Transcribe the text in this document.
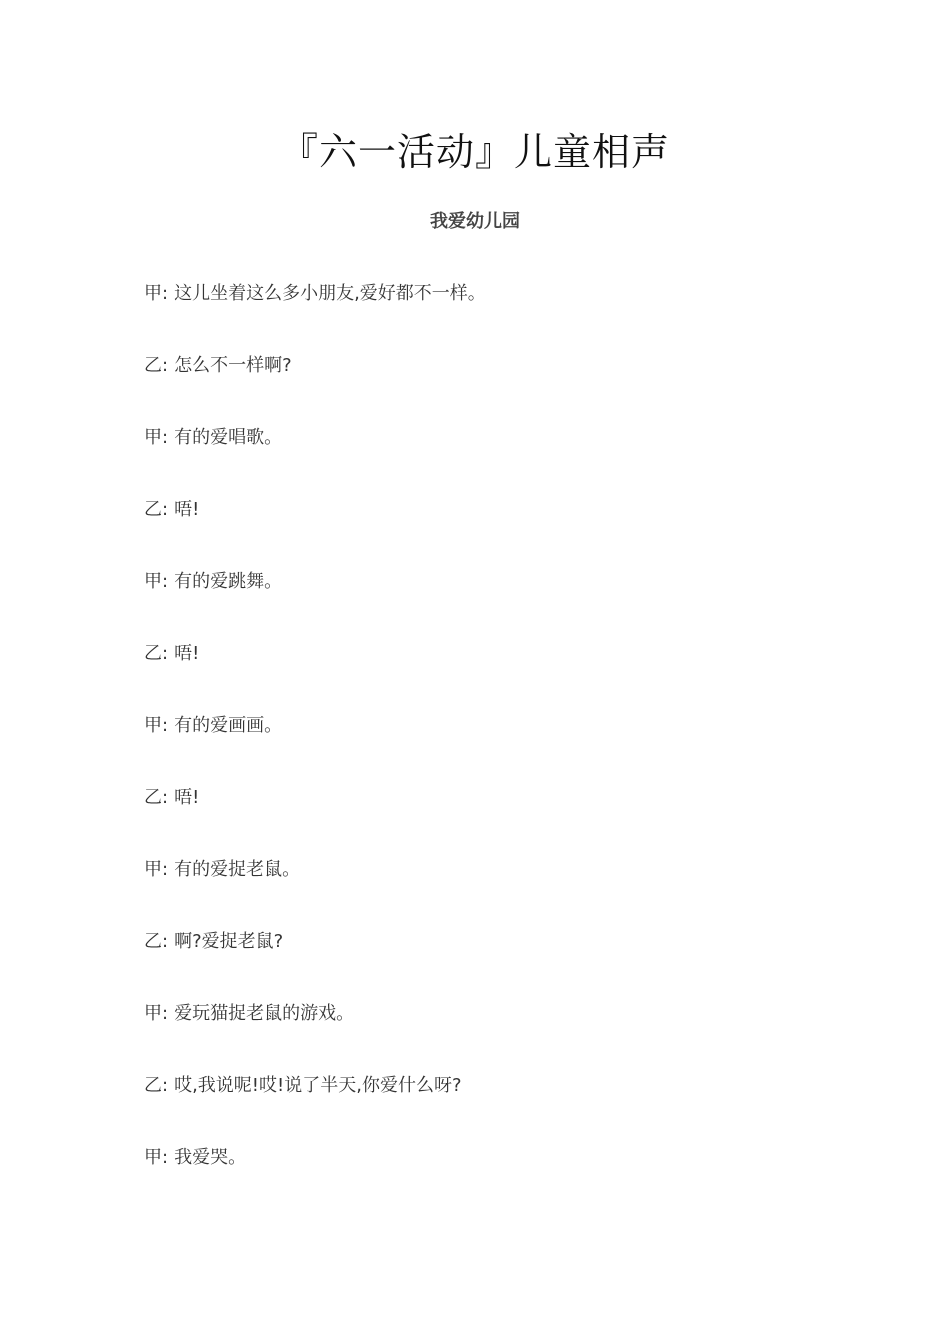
『六一活动』儿童相声
我爱幼儿园
甲: 这儿坐着这么多小朋友,爱好都不一样。
乙: 怎么不一样啊?
甲: 有的爱唱歌。
乙: 唔!
甲: 有的爱跳舞。
乙: 唔!
甲: 有的爱画画。
乙: 唔!
甲: 有的爱捉老鼠。
乙: 啊?爱捉老鼠?
甲: 爱玩猫捉老鼠的游戏。
乙: 哎,我说呢!哎!说了半天,你爱什么呀?
甲: 我爱哭。
